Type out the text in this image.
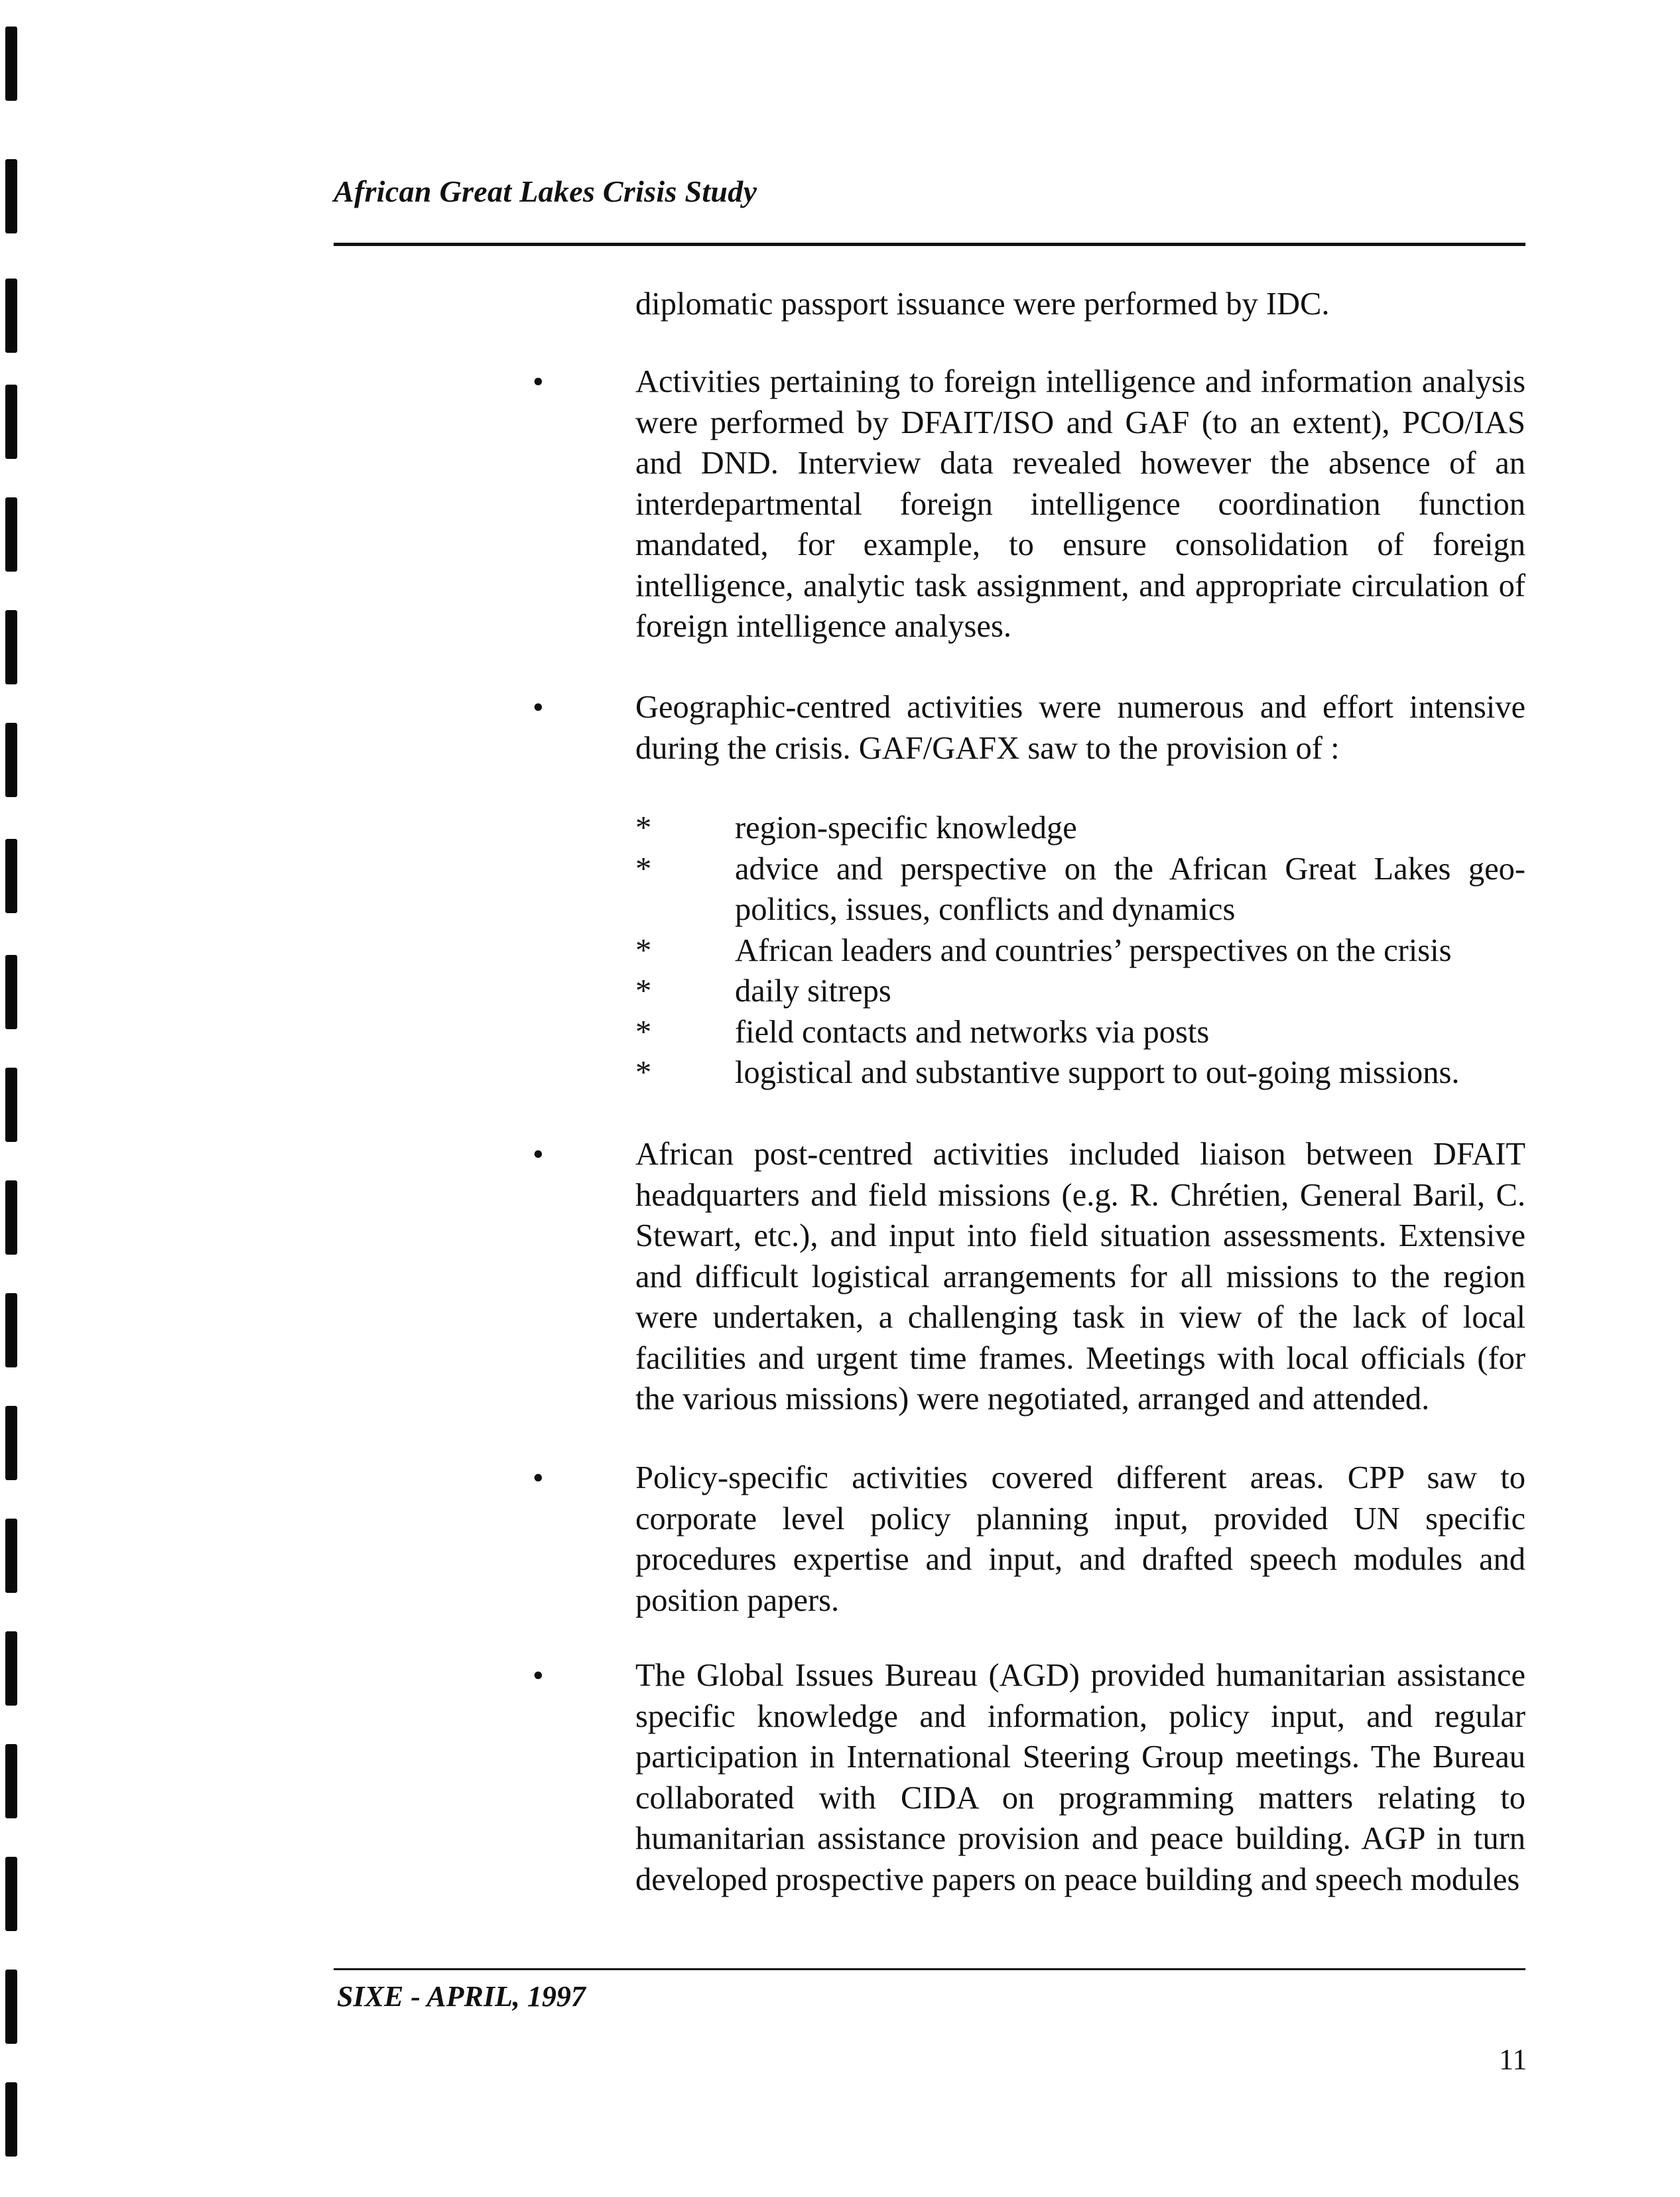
African Great Lakes Crisis Study
diplomatic passport issuance were performed by IDC.
•	Activities pertaining to foreign intelligence and information analysis were performed by DFAIT/ISO and GAF (to an extent), PCO/IAS and DND. Interview data revealed however the absence of an interdepartmental foreign intelligence coordination function mandated, for example, to ensure consolidation of foreign intelligence, analytic task assignment, and appropriate circulation of foreign intelligence analyses.
•	Geographic-centred activities were numerous and effort intensive during the crisis. GAF/GAFX saw to the provision of :
*	region-specific knowledge
*	advice and perspective on the African Great Lakes geo-politics, issues, conflicts and dynamics
*	African leaders and countries’ perspectives on the crisis
*	daily sitreps
*	field contacts and networks via posts
*	logistical and substantive support to out-going missions.
•	African post-centred activities included liaison between DFAIT headquarters and field missions (e.g. R. Chrétien, General Baril, C. Stewart, etc.), and input into field situation assessments. Extensive and difficult logistical arrangements for all missions to the region were undertaken, a challenging task in view of the lack of local facilities and urgent time frames. Meetings with local officials (for the various missions) were negotiated, arranged and attended.
•	Policy-specific activities covered different areas. CPP saw to corporate level policy planning input, provided UN specific procedures expertise and input, and drafted speech modules and position papers.
•	The Global Issues Bureau (AGD) provided humanitarian assistance specific knowledge and information, policy input, and regular participation in International Steering Group meetings. The Bureau collaborated with CIDA on programming matters relating to humanitarian assistance provision and peace building. AGP in turn developed prospective papers on peace building and speech modules
SIXE - APRIL, 1997
11
